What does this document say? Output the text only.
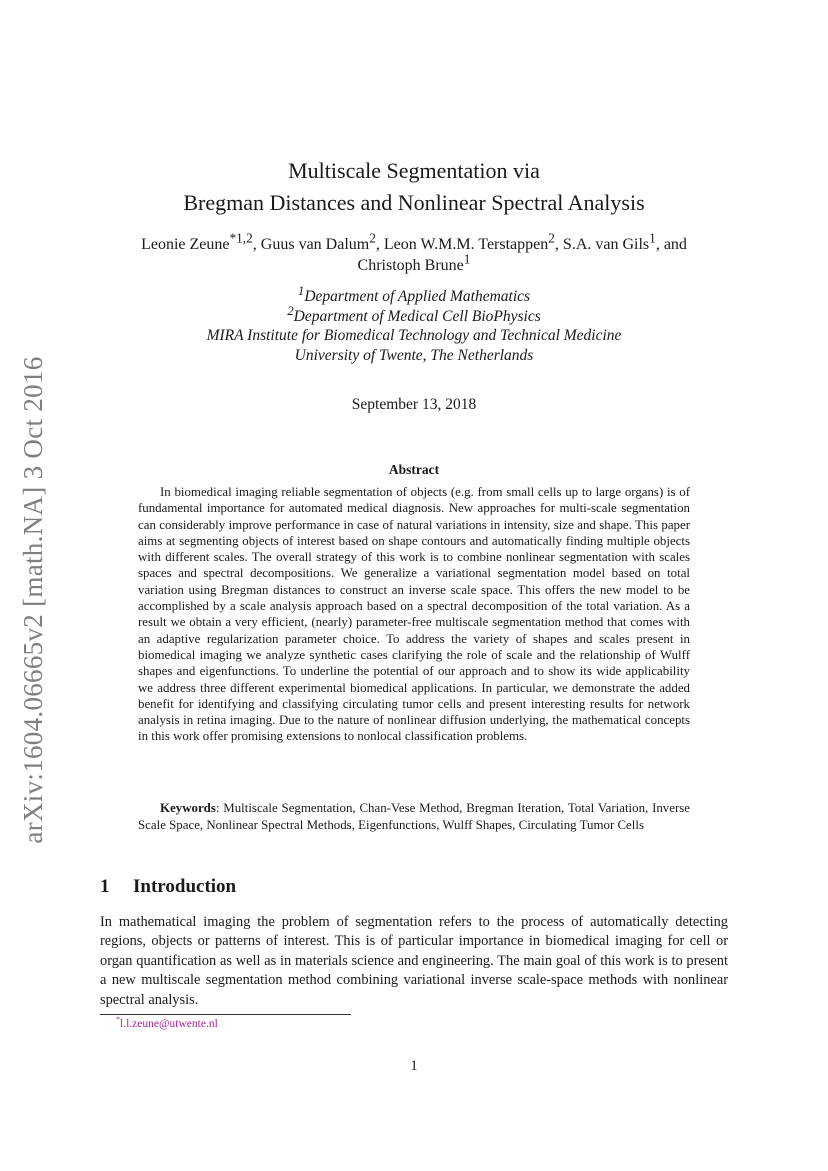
arXiv:1604.06665v2 [math.NA] 3 Oct 2016
Multiscale Segmentation via
Bregman Distances and Nonlinear Spectral Analysis
Leonie Zeune$^{*1,2}$, Guus van Dalum$^2$, Leon W.M.M. Terstappen$^2$, S.A. van Gils$^1$, and
Christoph Brune$^1$
$^1$Department of Applied Mathematics
$^2$Department of Medical Cell BioPhysics
MIRA Institute for Biomedical Technology and Technical Medicine
University of Twente, The Netherlands
September 13, 2018
Abstract

In biomedical imaging reliable segmentation of objects (e.g. from small cells up to large organs) is of fundamental importance for automated medical diagnosis. New approaches for multi-scale segmentation can considerably improve performance in case of natural variations in intensity, size and shape. This paper aims at segmenting objects of interest based on shape contours and automatically finding multiple objects with different scales. The overall strategy of this work is to combine nonlinear segmentation with scales spaces and spectral decompositions. We generalize a variational segmentation model based on total variation using Bregman distances to construct an inverse scale space. This offers the new model to be accomplished by a scale analysis approach based on a spectral decomposition of the total variation. As a result we obtain a very efficient, (nearly) parameter-free multiscale segmentation method that comes with an adaptive regularization parameter choice. To address the variety of shapes and scales present in biomedical imaging we analyze synthetic cases clarifying the role of scale and the relationship of Wulff shapes and eigenfunctions. To underline the potential of our approach and to show its wide applicability we address three different experimental biomedical applications. In particular, we demonstrate the added benefit for identifying and classifying circulating tumor cells and present interesting results for network analysis in retina imaging. Due to the nature of nonlinear diffusion underlying, the mathematical concepts in this work offer promising extensions to nonlocal classification problems.

Keywords: Multiscale Segmentation, Chan-Vese Method, Bregman Iteration, Total Variation, Inverse Scale Space, Nonlinear Spectral Methods, Eigenfunctions, Wulff Shapes, Circulating Tumor Cells

1 Introduction

In mathematical imaging the problem of segmentation refers to the process of automatically detecting regions, objects or patterns of interest. This is of particular importance in biomedical imaging for cell or organ quantification as well as in materials science and engineering. The main goal of this work is to present a new multiscale segmentation method combining variational inverse scale-space methods with nonlinear spectral analysis.

*l.l.zeune@utwente.nl
1
